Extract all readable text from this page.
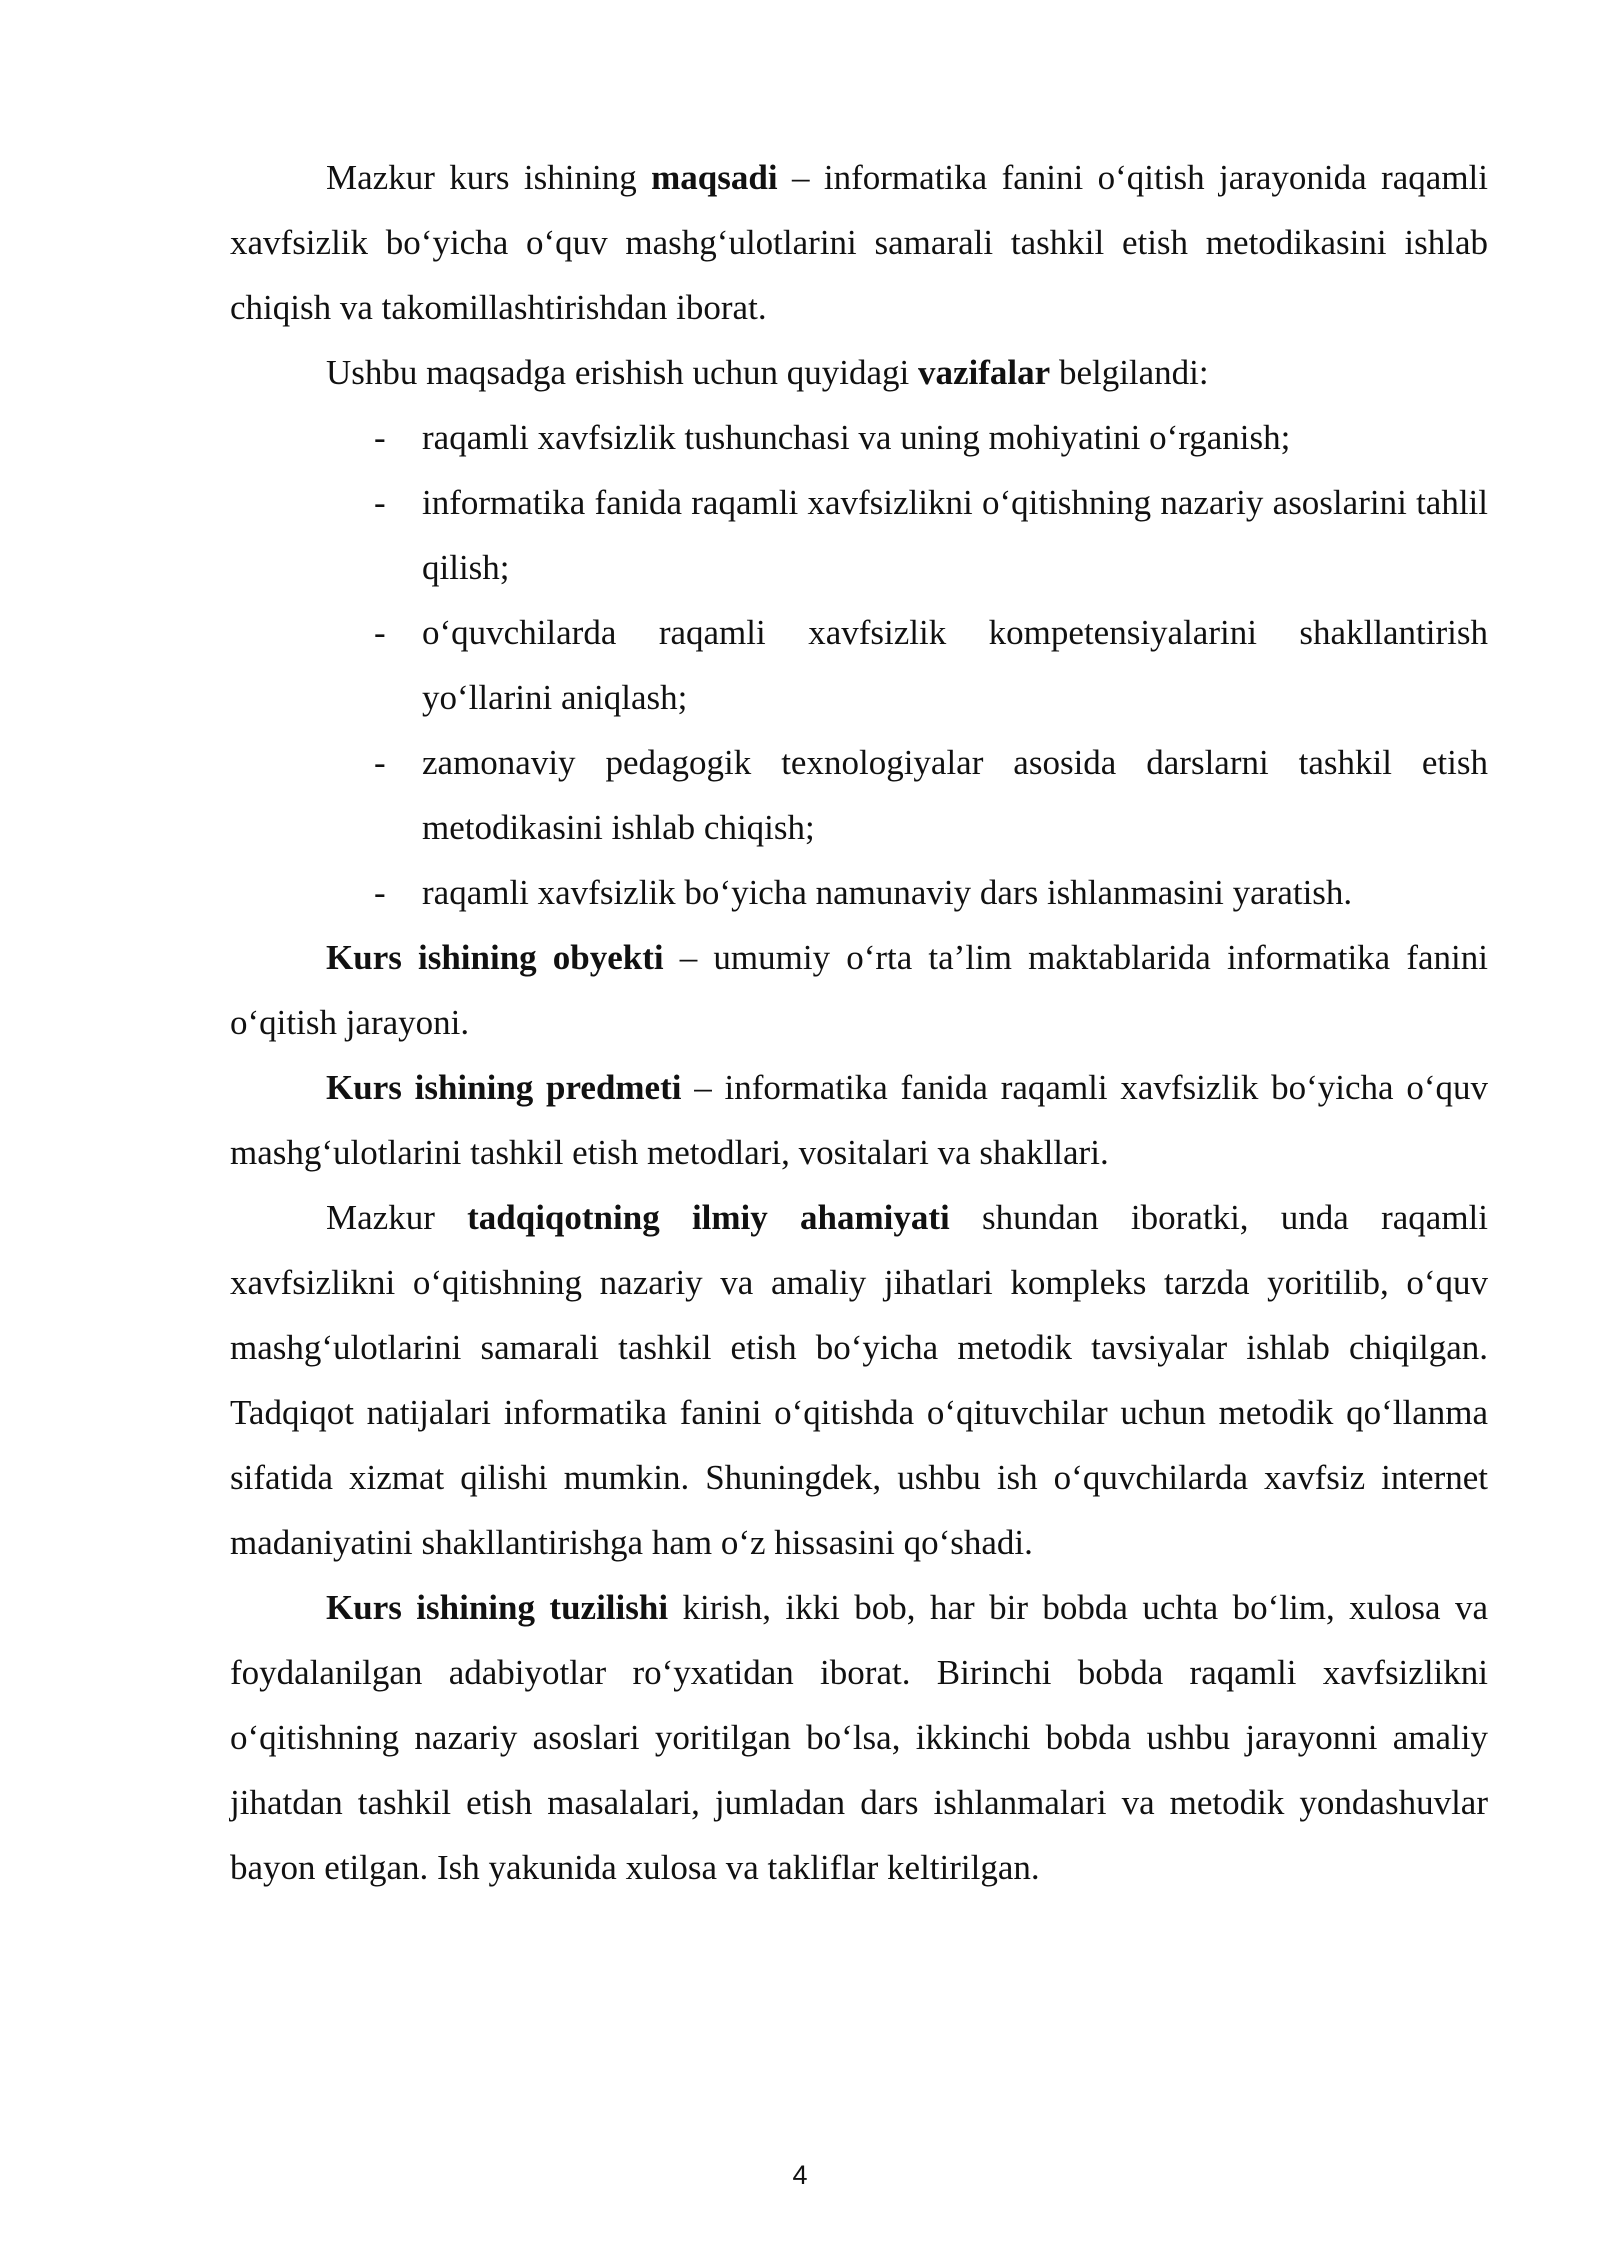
Mazkur kurs ishining maqsadi – informatika fanini o‘qitish jarayonida raqamli xavfsizlik bo‘yicha o‘quv mashg‘ulotlarini samarali tashkil etish metodikasini ishlab chiqish va takomillashtirishdan iborat.

Ushbu maqsadga erishish uchun quyidagi vazifalar belgilandi:

- raqamli xavfsizlik tushunchasi va uning mohiyatini o‘rganish;
- informatika fanida raqamli xavfsizlikni o‘qitishning nazariy asoslarini tahlil qilish;
- o‘quvchilarda raqamli xavfsizlik kompetensiyalarini shakllantirish yo‘llarini aniqlash;
- zamonaviy pedagogik texnologiyalar asosida darslarni tashkil etish metodikasini ishlab chiqish;
- raqamli xavfsizlik bo‘yicha namunaviy dars ishlanmasini yaratish.

Kurs ishining obyekti – umumiy o‘rta ta’lim maktablarida informatika fanini o‘qitish jarayoni.

Kurs ishining predmeti – informatika fanida raqamli xavfsizlik bo‘yicha o‘quv mashg‘ulotlarini tashkil etish metodlari, vositalari va shakllari.

Mazkur tadqiqotning ilmiy ahamiyati shundan iboratki, unda raqamli xavfsizlikni o‘qitishning nazariy va amaliy jihatlari kompleks tarzda yoritilib, o‘quv mashg‘ulotlarini samarali tashkil etish bo‘yicha metodik tavsiyalar ishlab chiqilgan. Tadqiqot natijalari informatika fanini o‘qitishda o‘qituvchilar uchun metodik qo‘llanma sifatida xizmat qilishi mumkin. Shuningdek, ushbu ish o‘quvchilarda xavfsiz internet madaniyatini shakllantirishga ham o‘z hissasini qo‘shadi.

Kurs ishining tuzilishi kirish, ikki bob, har bir bobda uchta bo‘lim, xulosa va foydalanilgan adabiyotlar ro‘yxatidan iborat. Birinchi bobda raqamli xavfsizlikni o‘qitishning nazariy asoslari yoritilgan bo‘lsa, ikkinchi bobda ushbu jarayonni amaliy jihatdan tashkil etish masalalari, jumladan dars ishlanmalari va metodik yondashuvlar bayon etilgan. Ish yakunida xulosa va takliflar keltirilgan.

4
